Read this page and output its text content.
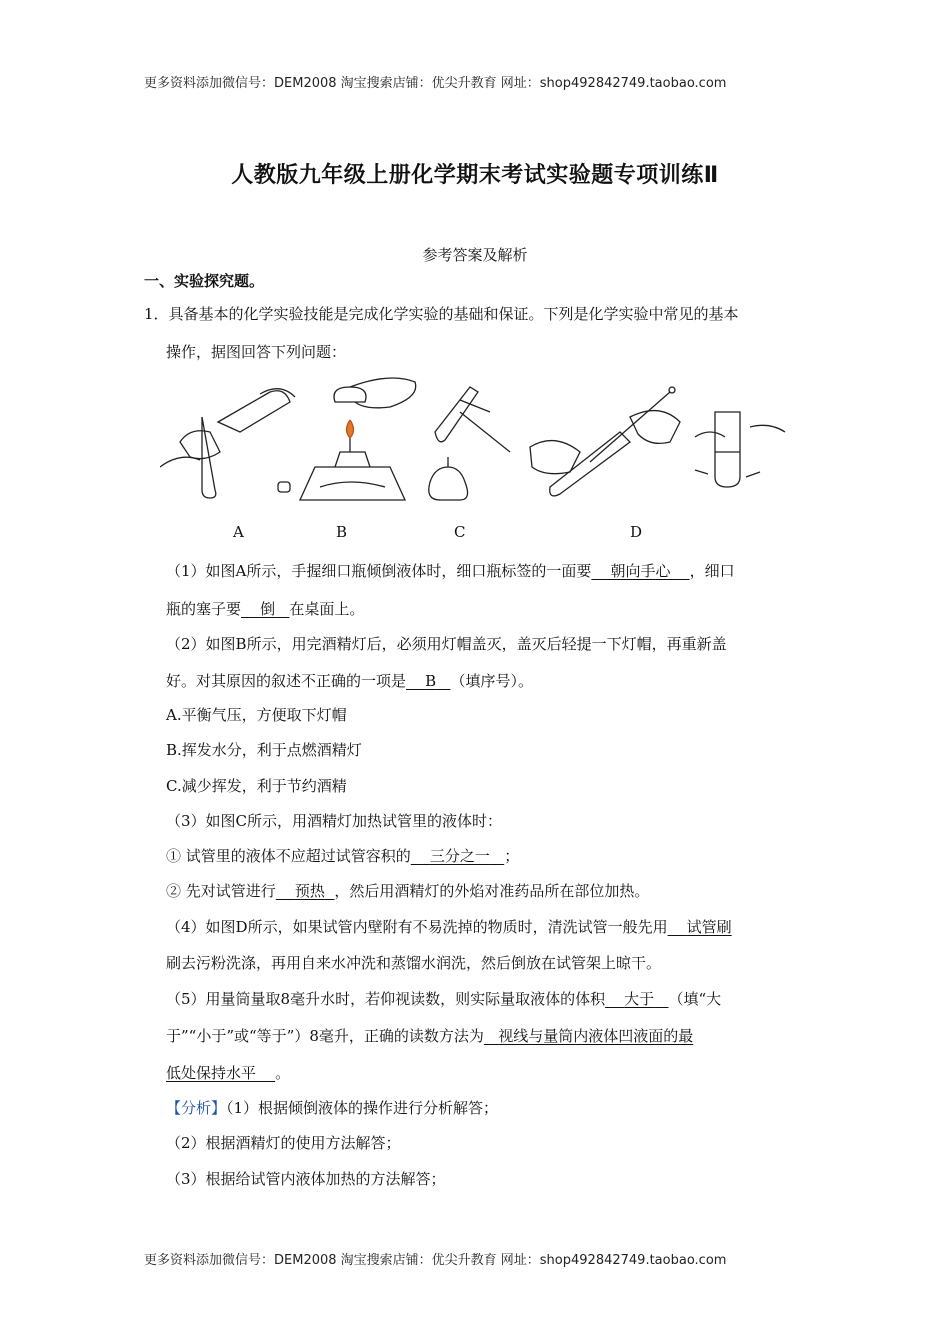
更多资料添加微信号：DEM2008 淘宝搜索店铺：优尖升教育 网址：shop492842749.taobao.com
人教版九年级上册化学期末考试实验题专项训练Ⅱ
参考答案及解析
一、实验探究题。
1．具备基本的化学实验技能是完成化学实验的基础和保证。下列是化学实验中常见的基本
操作，据图回答下列问题：
A	B	C	D
（1）如图A所示，手握细口瓶倾倒液体时，细口瓶标签的一面要 朝向手心 ，细口
瓶的塞子要 倒 在桌面上。
（2）如图B所示，用完酒精灯后，必须用灯帽盖灭，盖灭后轻提一下灯帽，再重新盖
好。对其原因的叙述不正确的一项是 B （填序号）。
A.平衡气压，方便取下灯帽
B.挥发水分，利于点燃酒精灯
C.减少挥发，利于节约酒精
（3）如图C所示，用酒精灯加热试管里的液体时：
① 试管里的液体不应超过试管容积的 三分之一 ；
② 先对试管进行 预热 ，然后用酒精灯的外焰对准药品所在部位加热。
（4）如图D所示，如果试管内壁附有不易洗掉的物质时，清洗试管一般先用 试管刷
刷去污粉洗涤，再用自来水冲洗和蒸馏水润洗，然后倒放在试管架上晾干。
（5）用量筒量取8毫升水时，若仰视读数，则实际量取液体的体积 大于 （填“大
于”“小于”或“等于”）8毫升，正确的读数方法为 视线与量筒内液体凹液面的最
低处保持水平 。
【分析】（1）根据倾倒液体的操作进行分析解答；
（2）根据酒精灯的使用方法解答；
（3）根据给试管内液体加热的方法解答；
更多资料添加微信号：DEM2008 淘宝搜索店铺：优尖升教育 网址：shop492842749.taobao.com
